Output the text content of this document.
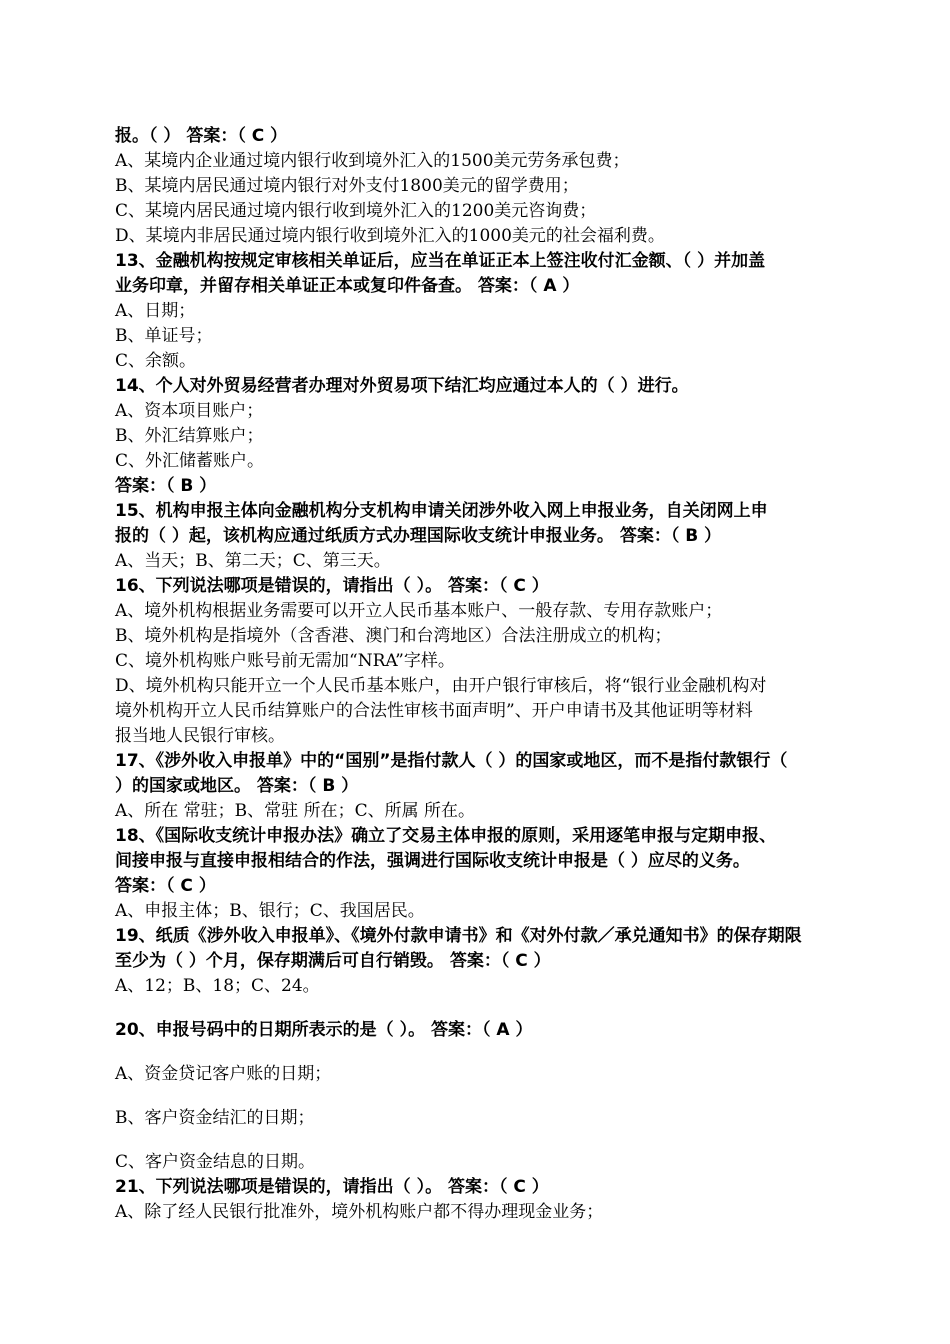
报。（ ） 答案：（ C ）
A、某境内企业通过境内银行收到境外汇入的1500美元劳务承包费；
B、某境内居民通过境内银行对外支付1800美元的留学费用；
C、某境内居民通过境内银行收到境外汇入的1200美元咨询费；
D、某境内非居民通过境内银行收到境外汇入的1000美元的社会福利费。
13、金融机构按规定审核相关单证后，应当在单证正本上签注收付汇金额、（ ）并加盖
业务印章，并留存相关单证正本或复印件备查。 答案：（ A ）
A、日期；
B、单证号；
C、余额。
14、个人对外贸易经营者办理对外贸易项下结汇均应通过本人的（ ）进行。
A、资本项目账户；
B、外汇结算账户；
C、外汇储蓄账户。
答案：（ B ）
15、机构申报主体向金融机构分支机构申请关闭涉外收入网上申报业务，自关闭网上申
报的（ ）起，该机构应通过纸质方式办理国际收支统计申报业务。 答案：（ B ）
A、当天；B、第二天；C、第三天。
16、下列说法哪项是错误的，请指出（ ）。 答案：（ C ）
A、境外机构根据业务需要可以开立人民币基本账户、一般存款、专用存款账户；
B、境外机构是指境外（含香港、澳门和台湾地区）合法注册成立的机构；
C、境外机构账户账号前无需加“NRA”字样。
D、境外机构只能开立一个人民币基本账户，由开户银行审核后，将“银行业金融机构对
境外机构开立人民币结算账户的合法性审核书面声明”、开户申请书及其他证明等材料
报当地人民银行审核。
17、《涉外收入申报单》中的“国别”是指付款人（ ）的国家或地区，而不是指付款银行（
）的国家或地区。 答案：（ B ）
A、所在 常驻；B、常驻 所在；C、所属 所在。
18、《国际收支统计申报办法》确立了交易主体申报的原则，采用逐笔申报与定期申报、
间接申报与直接申报相结合的作法，强调进行国际收支统计申报是（ ）应尽的义务。
答案：（ C ）
A、申报主体；B、银行；C、我国居民。
19、纸质《涉外收入申报单》、《境外付款申请书》和《对外付款／承兑通知书》的保存期限
至少为（ ）个月，保存期满后可自行销毁。 答案：（ C ）
A、12；B、18；C、24。
20、申报号码中的日期所表示的是（ ）。 答案：（ A ）
A、资金贷记客户账的日期；
B、客户资金结汇的日期；
C、客户资金结息的日期。
21、下列说法哪项是错误的，请指出（ ）。 答案：（ C ）
A、除了经人民银行批准外，境外机构账户都不得办理现金业务；
